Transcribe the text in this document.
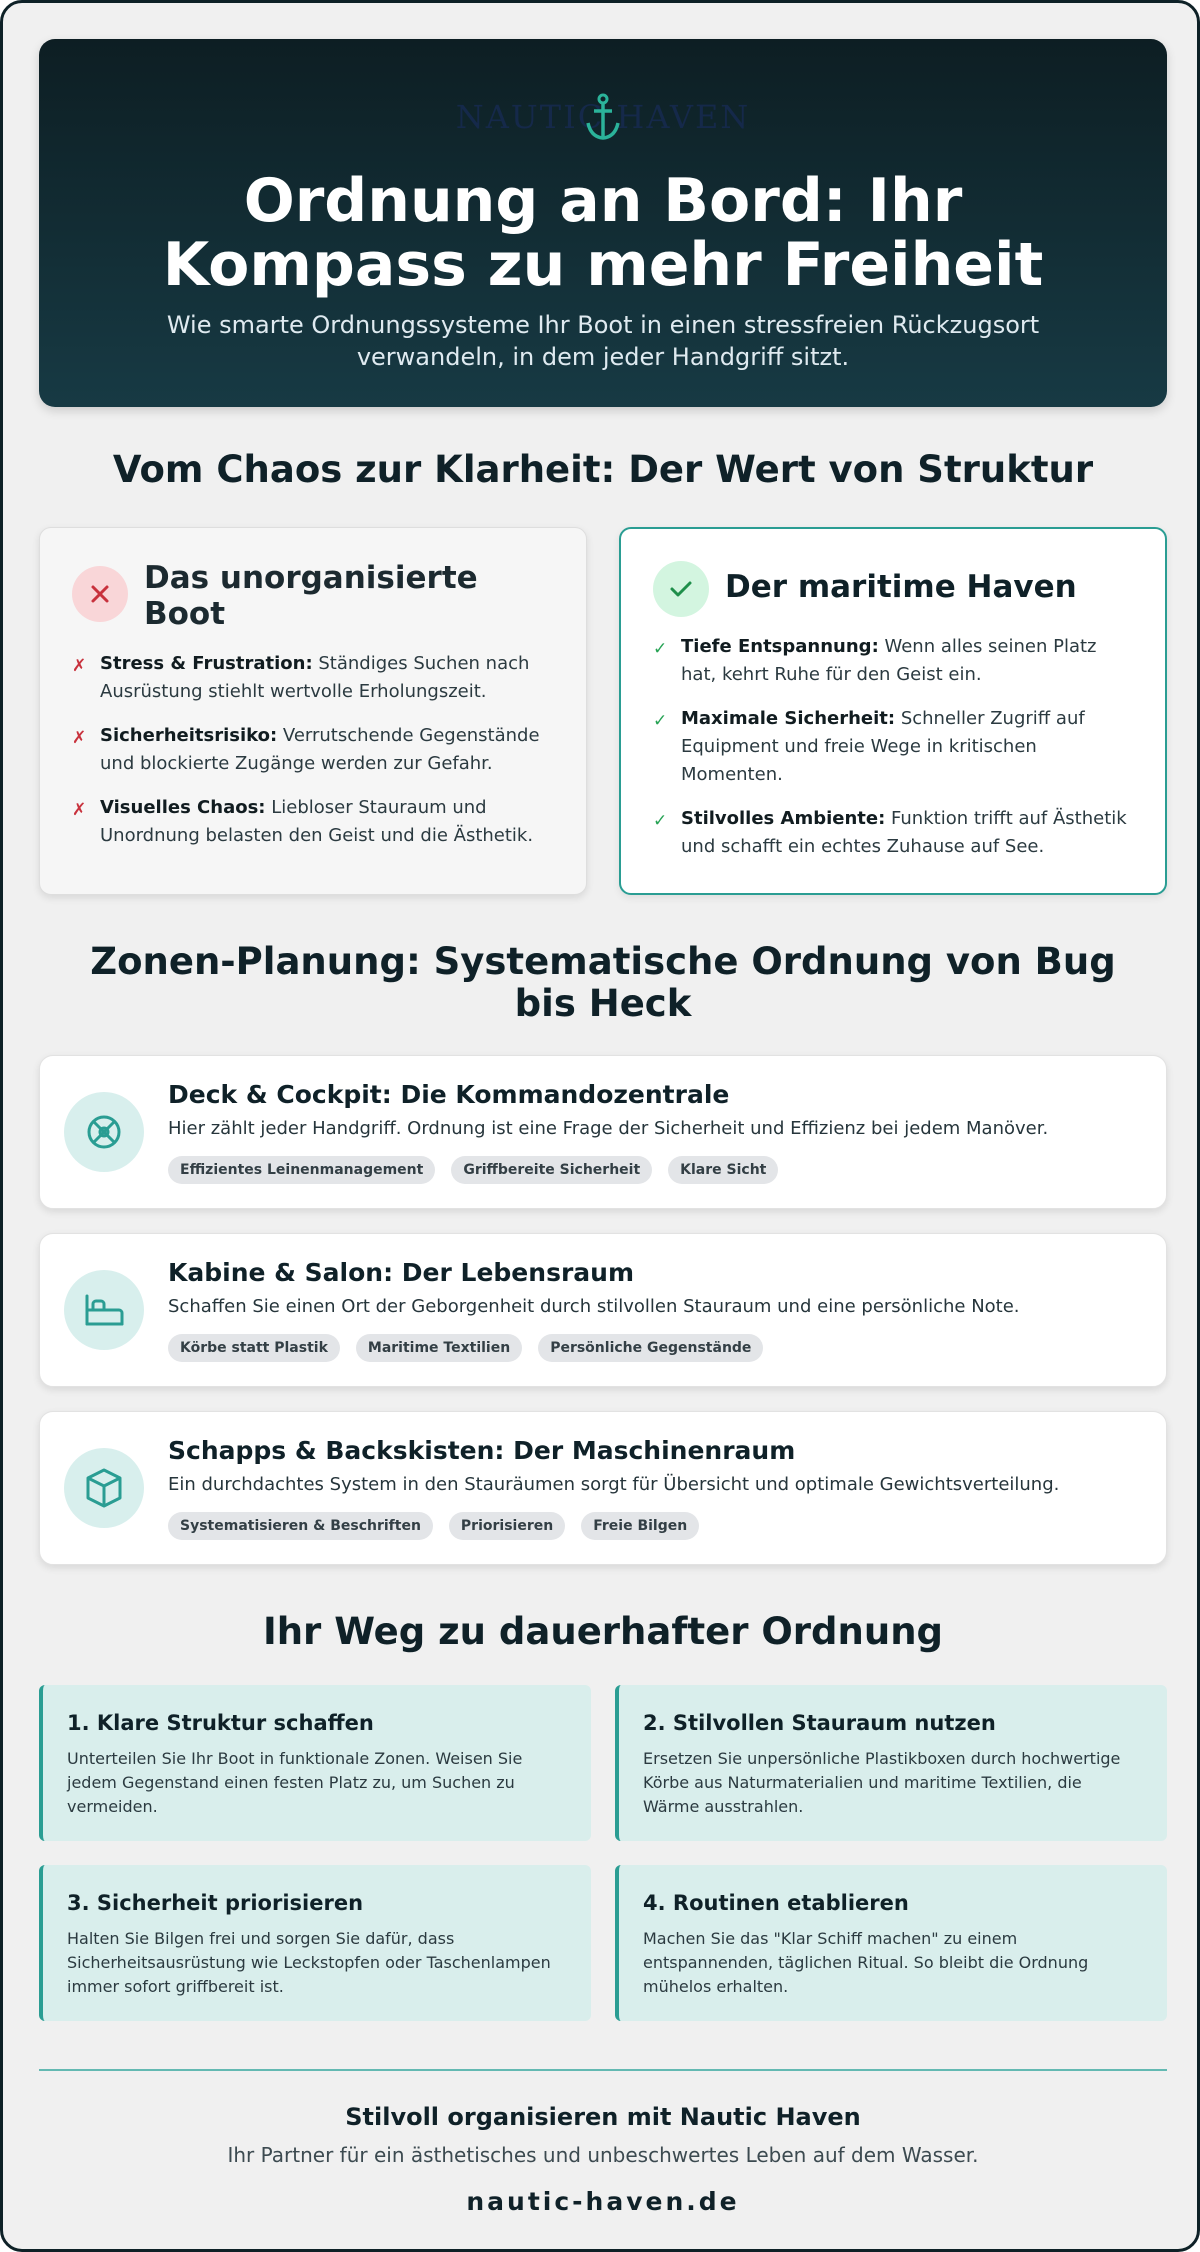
NAUTIC HAVEN
Ordnung an Bord: Ihr Kompass zu mehr Freiheit
Wie smarte Ordnungssysteme Ihr Boot in einen stressfreien Rückzugsort verwandeln, in dem jeder Handgriff sitzt.
Vom Chaos zur Klarheit: Der Wert von Struktur
Das unorganisierte Boot
✗ Stress & Frustration: Ständiges Suchen nach Ausrüstung stiehlt wertvolle Erholungszeit.
✗ Sicherheitsrisiko: Verrutschende Gegenstände und blockierte Zugänge werden zur Gefahr.
✗ Visuelles Chaos: Liebloser Stauraum und Unordnung belasten den Geist und die Ästhetik.
Der maritime Haven
✓ Tiefe Entspannung: Wenn alles seinen Platz hat, kehrt Ruhe für den Geist ein.
✓ Maximale Sicherheit: Schneller Zugriff auf Equipment und freie Wege in kritischen Momenten.
✓ Stilvolles Ambiente: Funktion trifft auf Ästhetik und schafft ein echtes Zuhause auf See.
Zonen-Planung: Systematische Ordnung von Bug bis Heck
Deck & Cockpit: Die Kommandozentrale
Hier zählt jeder Handgriff. Ordnung ist eine Frage der Sicherheit und Effizienz bei jedem Manöver.
Effizientes Leinenmanagement	Griffbereite Sicherheit	Klare Sicht
Kabine & Salon: Der Lebensraum
Schaffen Sie einen Ort der Geborgenheit durch stilvollen Stauraum und eine persönliche Note.
Körbe statt Plastik	Maritime Textilien	Persönliche Gegenstände
Schapps & Backskisten: Der Maschinenraum
Ein durchdachtes System in den Stauräumen sorgt für Übersicht und optimale Gewichtsverteilung.
Systematisieren & Beschriften	Priorisieren	Freie Bilgen
Ihr Weg zu dauerhafter Ordnung
1. Klare Struktur schaffen
Unterteilen Sie Ihr Boot in funktionale Zonen. Weisen Sie jedem Gegenstand einen festen Platz zu, um Suchen zu vermeiden.
2. Stilvollen Stauraum nutzen
Ersetzen Sie unpersönliche Plastikboxen durch hochwertige Körbe aus Naturmaterialien und maritime Textilien, die Wärme ausstrahlen.
3. Sicherheit priorisieren
Halten Sie Bilgen frei und sorgen Sie dafür, dass Sicherheitsausrüstung wie Leckstopfen oder Taschenlampen immer sofort griffbereit ist.
4. Routinen etablieren
Machen Sie das "Klar Schiff machen" zu einem entspannenden, täglichen Ritual. So bleibt die Ordnung mühelos erhalten.
Stilvoll organisieren mit Nautic Haven
Ihr Partner für ein ästhetisches und unbeschwertes Leben auf dem Wasser.
nautic-haven.de
